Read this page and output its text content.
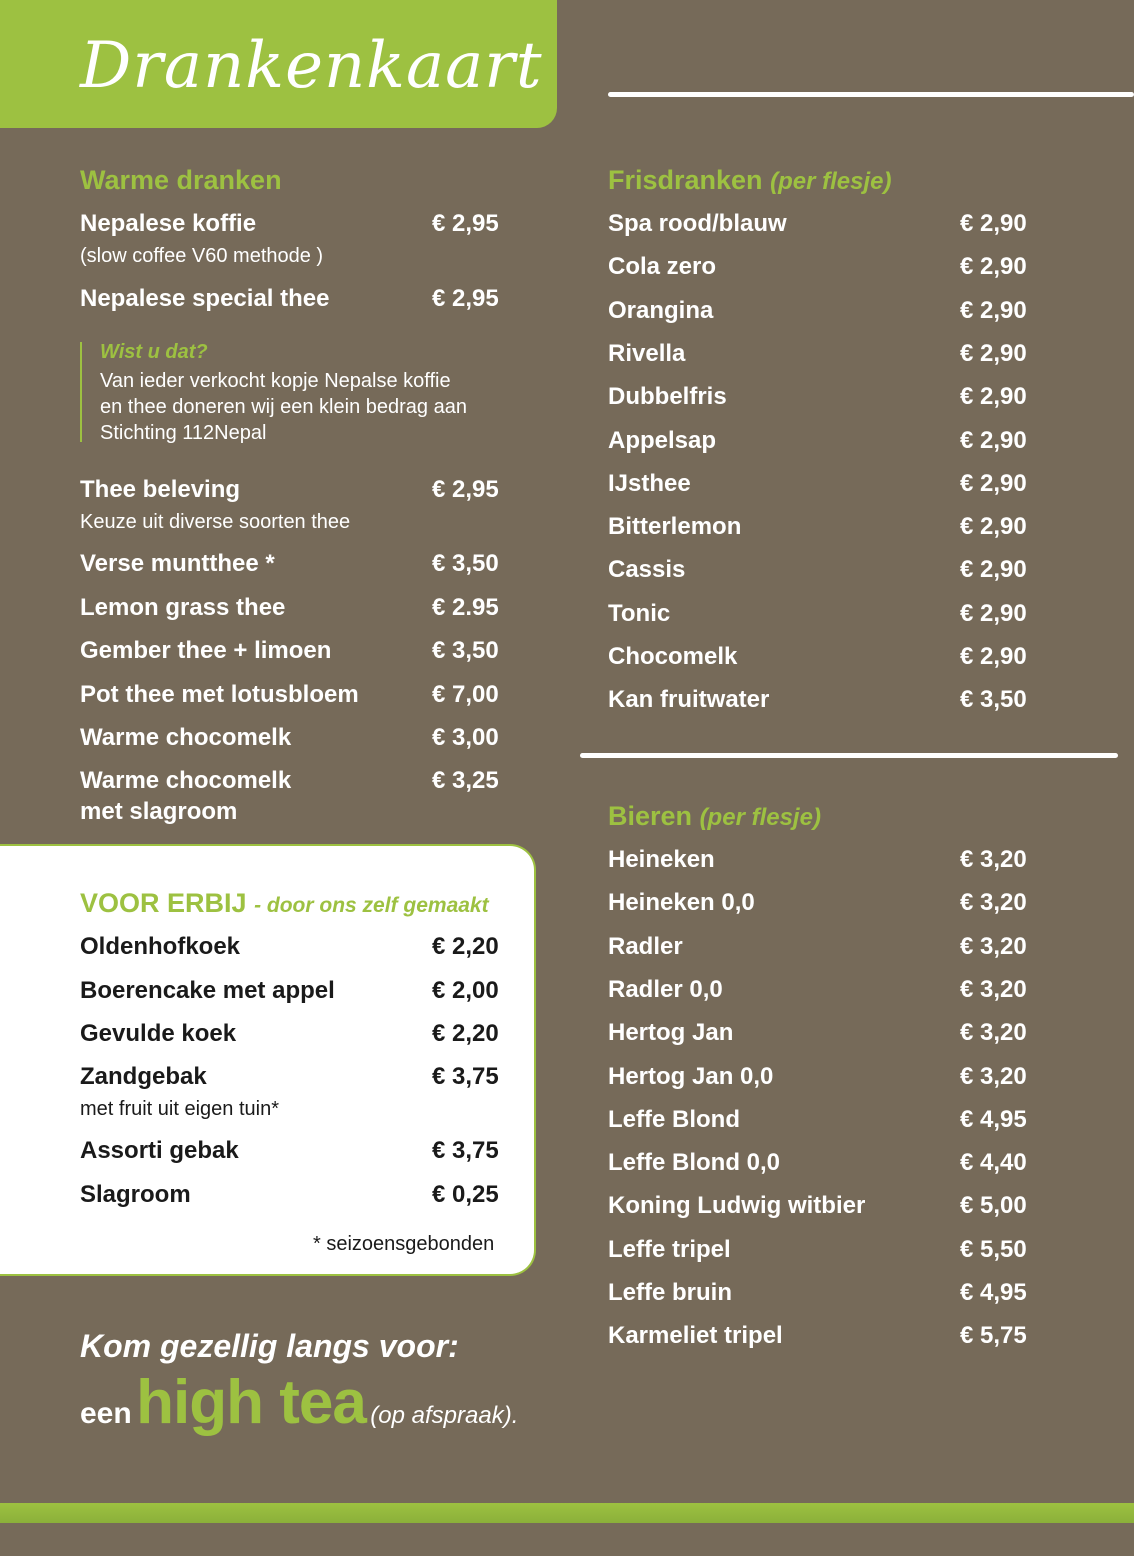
Drankenkaart
Warme dranken
Nepalese koffie	€ 2,95
(slow coffee V60 methode )
Nepalese special thee	€ 2,95
Wist u dat?
Van ieder verkocht kopje Nepalse koffie
en thee doneren wij een klein bedrag aan
Stichting 112Nepal
Thee beleving	€ 2,95
Keuze uit diverse soorten thee
Verse muntthee *	€ 3,50
Lemon grass thee	€ 2.95
Gember thee + limoen	€ 3,50
Pot thee met lotusbloem	€ 7,00
Warme chocomelk	€ 3,00
Warme chocomelk	€ 3,25
met slagroom
VOOR ERBIJ - door ons zelf gemaakt
Oldenhofkoek	€ 2,20
Boerencake met appel	€ 2,00
Gevulde koek	€ 2,20
Zandgebak	€ 3,75
met fruit uit eigen tuin*
Assorti gebak	€ 3,75
Slagroom	€ 0,25
* seizoensgebonden
Kom gezellig langs voor:
een high tea (op afspraak).
Frisdranken (per flesje)
Spa rood/blauw	€ 2,90
Cola zero	€ 2,90
Orangina	€ 2,90
Rivella	€ 2,90
Dubbelfris	€ 2,90
Appelsap	€ 2,90
IJsthee	€ 2,90
Bitterlemon	€ 2,90
Cassis	€ 2,90
Tonic	€ 2,90
Chocomelk	€ 2,90
Kan fruitwater	€ 3,50
Bieren (per flesje)
Heineken	€ 3,20
Heineken 0,0	€ 3,20
Radler	€ 3,20
Radler 0,0	€ 3,20
Hertog Jan	€ 3,20
Hertog Jan 0,0	€ 3,20
Leffe Blond	€ 4,95
Leffe Blond 0,0	€ 4,40
Koning Ludwig witbier	€ 5,00
Leffe tripel	€ 5,50
Leffe bruin	€ 4,95
Karmeliet tripel	€ 5,75
